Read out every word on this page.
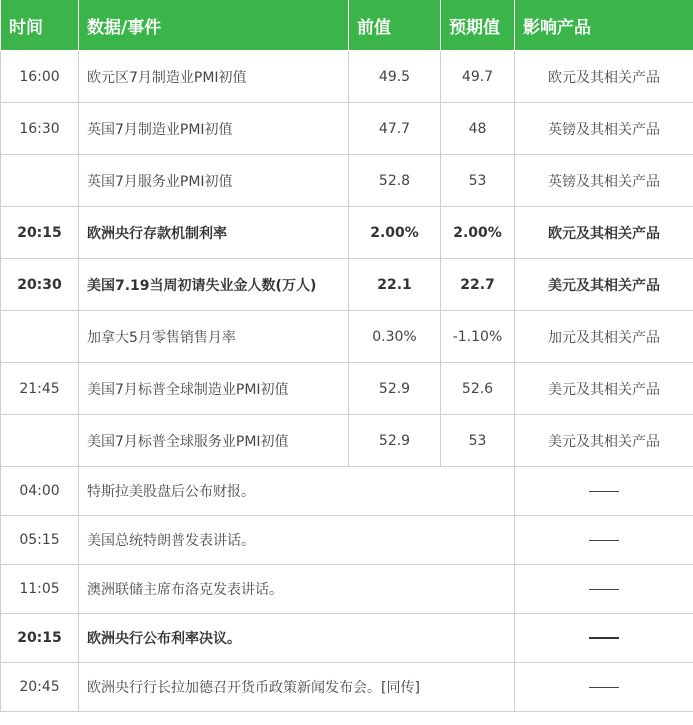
时间	数据/事件	前值	预期值	影响产品
16:00	欧元区7月制造业PMI初值	49.5	49.7	欧元及其相关产品
16:30	英国7月制造业PMI初值	47.7	48	英镑及其相关产品
	英国7月服务业PMI初值	52.8	53	英镑及其相关产品
20:15	欧洲央行存款机制利率	2.00%	2.00%	欧元及其相关产品
20:30	美国7.19当周初请失业金人数(万人)	22.1	22.7	美元及其相关产品
	加拿大5月零售销售月率	0.30%	-1.10%	加元及其相关产品
21:45	美国7月标普全球制造业PMI初值	52.9	52.6	美元及其相关产品
	美国7月标普全球服务业PMI初值	52.9	53	美元及其相关产品
04:00	特斯拉美股盘后公布财报。			
05:15	美国总统特朗普发表讲话。			
11:05	澳洲联储主席布洛克发表讲话。			
20:15	欧洲央行公布利率决议。			
20:45	欧洲央行行长拉加德召开货币政策新闻发布会。[同传]			
